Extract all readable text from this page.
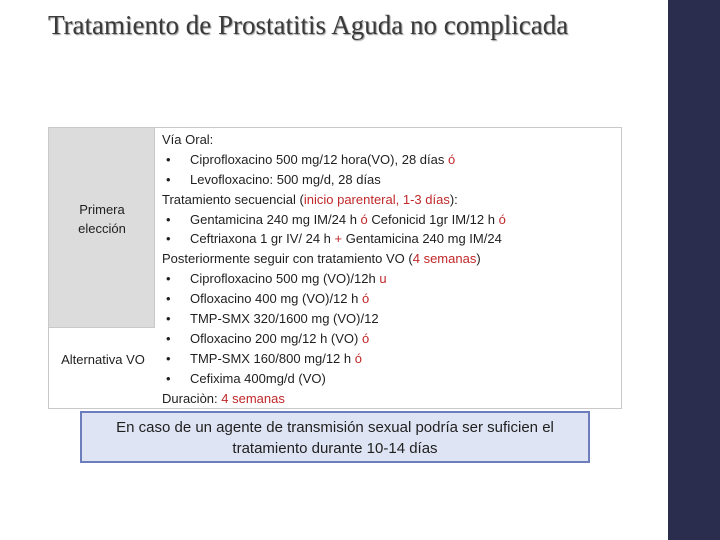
Tratamiento de Prostatitis Aguda no complicada
Primera
elección
Alternativa VO
Vía Oral:
• Ciprofloxacino 500 mg/12 hora(VO), 28 días ó
• Levofloxacino: 500 mg/d, 28 días
Tratamiento secuencial (inicio parenteral, 1-3 días):
• Gentamicina 240 mg IM/24 h ó Cefonicid 1gr IM/12 h ó
• Ceftriaxona 1 gr IV/ 24 h + Gentamicina 240 mg IM/24
Posteriormente seguir con tratamiento VO (4 semanas)
• Ciprofloxacino 500 mg (VO)/12h u
• Ofloxacino 400 mg (VO)/12 h ó
• TMP-SMX 320/1600 mg (VO)/12
• Ofloxacino 200 mg/12 h (VO) ó
• TMP-SMX 160/800 mg/12 h ó
• Cefixima 400mg/d (VO)
Duraciòn: 4 semanas
En caso de un agente de transmisión sexual podría ser suficien el
tratamiento durante 10-14 días
